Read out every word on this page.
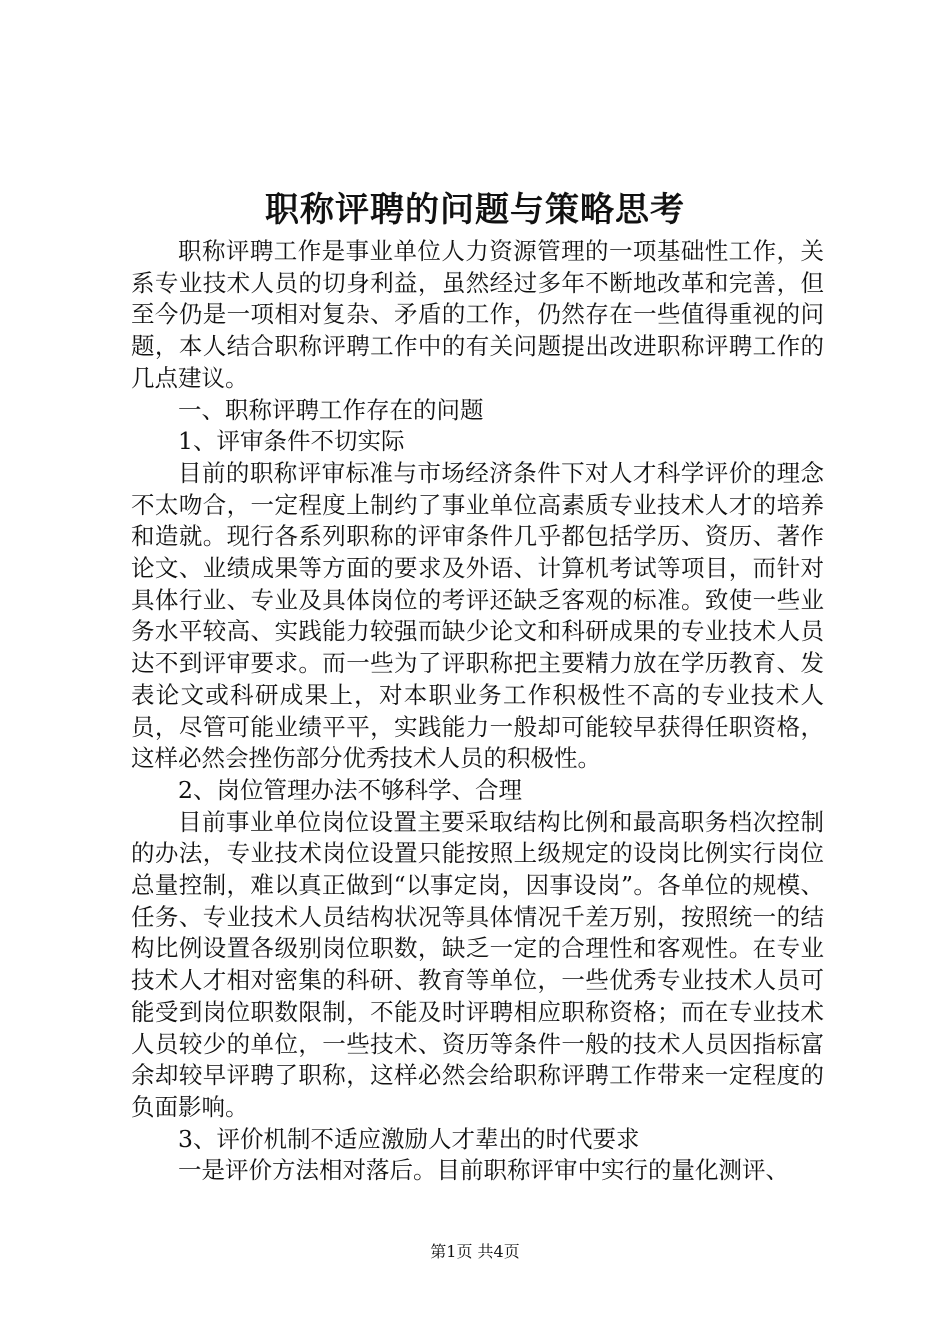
职称评聘的问题与策略思考

职称评聘工作是事业单位人力资源管理的一项基础性工作，关系专业技术人员的切身利益，虽然经过多年不断地改革和完善，但至今仍是一项相对复杂、矛盾的工作，仍然存在一些值得重视的问题，本人结合职称评聘工作中的有关问题提出改进职称评聘工作的几点建议。

一、职称评聘工作存在的问题

1、评审条件不切实际

目前的职称评审标准与市场经济条件下对人才科学评价的理念不太吻合，一定程度上制约了事业单位高素质专业技术人才的培养和造就。现行各系列职称的评审条件几乎都包括学历、资历、著作论文、业绩成果等方面的要求及外语、计算机考试等项目，而针对具体行业、专业及具体岗位的考评还缺乏客观的标准。致使一些业务水平较高、实践能力较强而缺少论文和科研成果的专业技术人员达不到评审要求。而一些为了评职称把主要精力放在学历教育、发表论文或科研成果上，对本职业务工作积极性不高的专业技术人员，尽管可能业绩平平，实践能力一般却可能较早获得任职资格，这样必然会挫伤部分优秀技术人员的积极性。

2、岗位管理办法不够科学、合理

目前事业单位岗位设置主要采取结构比例和最高职务档次控制的办法，专业技术岗位设置只能按照上级规定的设岗比例实行岗位总量控制，难以真正做到“以事定岗，因事设岗”。各单位的规模、任务、专业技术人员结构状况等具体情况千差万别，按照统一的结构比例设置各级别岗位职数，缺乏一定的合理性和客观性。在专业技术人才相对密集的科研、教育等单位，一些优秀专业技术人员可能受到岗位职数限制，不能及时评聘相应职称资格；而在专业技术人员较少的单位，一些技术、资历等条件一般的技术人员因指标富余却较早评聘了职称，这样必然会给职称评聘工作带来一定程度的负面影响。

3、评价机制不适应激励人才辈出的时代要求

一是评价方法相对落后。目前职称评审中实行的量化测评、

第1页 共4页
